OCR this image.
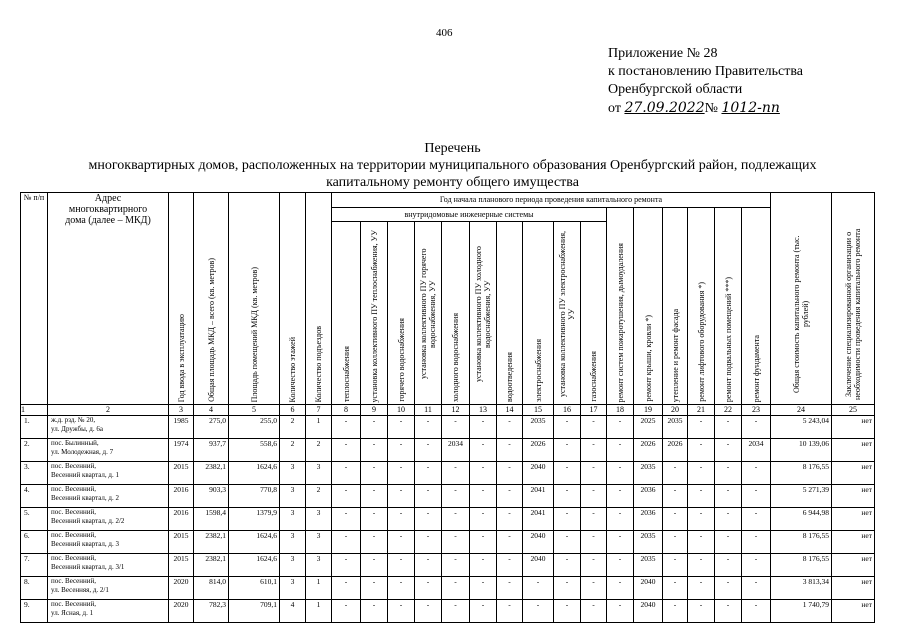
406
Приложение № 28
к постановлению Правительства
Оренбургской области
от 27.09.2022№ 1012-пп
Перечень
многоквартирных домов, расположенных на территории муниципального образования Оренбургский район, подлежащих
капитальному ремонту общего имущества
№ п/п	Адрес многоквартирного дома (далее – МКД)	Год ввода в эксплуатацию	Общая площадь МКД – всего (кв. метров)	Площадь помещений МКД (кв. метров)	Количество этажей	Количество подъездов	Год начала планового периода проведения капитального ремонта																Общая стоимость капитального ремонта (тыс. рублей)	Заключение специализированной организации о необходимости проведения капитального ремонта
							внутридомовые инженерные системы										ремонт систем пожаротушения, дымоудаления	ремонт крыши, кровли *)	утепление и ремонт фасада	ремонт лифтового оборудования *)	ремонт подвальных помещений ***)	ремонт фундамента		
							теплоснабжения	установка коллективного ПУ теплоснабжения, УУ	горячего водоснабжения	установка коллективного ПУ горячего водоснабжения, УУ	холодного водоснабжения	установка коллективного ПУ холодного водоснабжения, УУ	водоотведения	электроснабжения	установка коллективного ПУ электроснабжения, УУ	газоснабжения								
1	2	3	4	5	6	7	8	9	10	11	12	13	14	15	16	17	18	19	20	21	22	23	24	25
1.	ж.д. рзд. № 20,
ул. Дружбы, д. 6а	1985	275,0	255,0	2	1	-	-	-	-	-	-	-	2035	-	-	-	2025	2035	-	-	-	5 243,04	нет
2.	пос. Былинный,
ул. Молодежная, д. 7	1974	937,7	558,6	2	2	-	-	-	-	2034	-	-	2026	-	-	-	2026	2026	-	-	2034	10 139,06	нет
3.	пос. Весенний,
Весенний квартал, д. 1	2015	2382,1	1624,6	3	3	-	-	-	-	-	-	-	2040	-	-	-	2035	-	-	-	-	8 176,55	нет
4.	пос. Весенний,
Весенний квартал, д. 2	2016	903,3	770,8	3	2	-	-	-	-	-	-	-	2041	-	-	-	2036	-	-	-	-	5 271,39	нет
5.	пос. Весенний,
Весенний квартал, д. 2/2	2016	1598,4	1379,9	3	3	-	-	-	-	-	-	-	2041	-	-	-	2036	-	-	-	-	6 944,98	нет
6.	пос. Весенний,
Весенний квартал, д. 3	2015	2382,1	1624,6	3	3	-	-	-	-	-	-	-	2040	-	-	-	2035	-	-	-	-	8 176,55	нет
7.	пос. Весенний,
Весенний квартал, д. 3/1	2015	2382,1	1624,6	3	3	-	-	-	-	-	-	-	2040	-	-	-	2035	-	-	-	-	8 176,55	нет
8.	пос. Весенний,
ул. Весенняя, д. 2/1	2020	814,0	610,1	3	1	-	-	-	-	-	-	-	-	-	-	-	2040	-	-	-	-	3 813,34	нет
9.	пос. Весенний,
ул. Ясная, д. 1	2020	782,3	709,1	4	1	-	-	-	-	-	-	-	-	-	-	-	2040	-	-	-	-	1 740,79	нет
